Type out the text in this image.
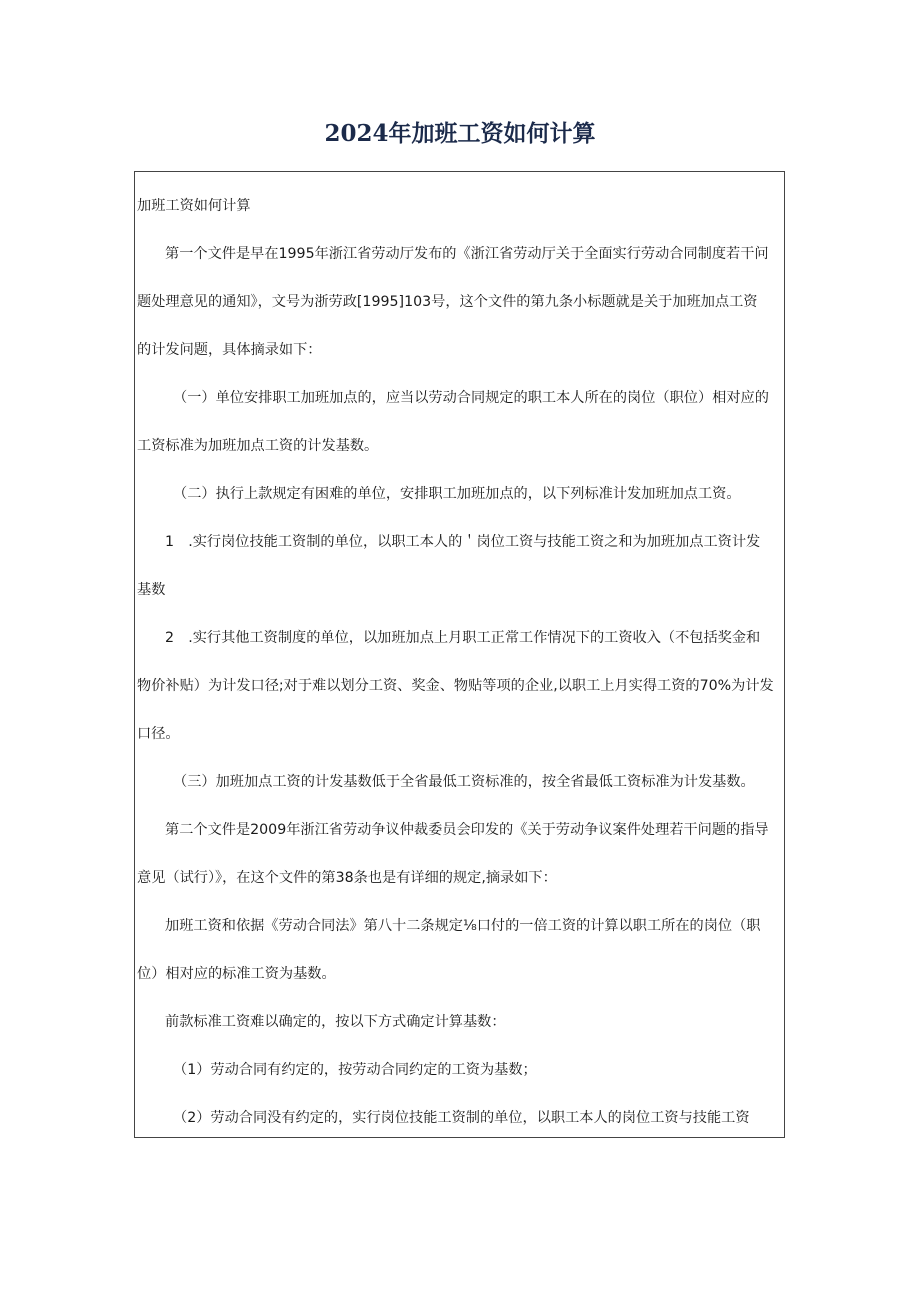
2024年加班工资如何计算
加班工资如何计算
第一个文件是早在1995年浙江省劳动厅发布的《浙江省劳动厅关于全面实行劳动合同制度若干问
题处理意见的通知》，文号为浙劳政[1995]103号，这个文件的第九条小标题就是关于加班加点工资
的计发问题，具体摘录如下：
（一）单位安排职工加班加点的，应当以劳动合同规定的职工本人所在的岗位（职位）相对应的
工资标准为加班加点工资的计发基数。
（二）执行上款规定有困难的单位，安排职工加班加点的，以下列标准计发加班加点工资。
1　.实行岗位技能工资制的单位，以职工本人的＇岗位工资与技能工资之和为加班加点工资计发
基数
2　.实行其他工资制度的单位，以加班加点上月职工正常工作情况下的工资收入（不包括奖金和
物价补贴）为计发口径;对于难以划分工资、奖金、物贴等项的企业,以职工上月实得工资的70%为计发
口径。
（三）加班加点工资的计发基数低于全省最低工资标准的，按全省最低工资标准为计发基数。
第二个文件是2009年浙江省劳动争议仲裁委员会印发的《关于劳动争议案件处理若干问题的指导
意见（试行）》，在这个文件的第38条也是有详细的规定,摘录如下：
加班工资和依据《劳动合同法》第八十二条规定⅛口付的一倍工资的计算以职工所在的岗位（职
位）相对应的标准工资为基数。
前款标准工资难以确定的，按以下方式确定计算基数：
（1）劳动合同有约定的，按劳动合同约定的工资为基数；
（2）劳动合同没有约定的，实行岗位技能工资制的单位，以职工本人的岗位工资与技能工资
